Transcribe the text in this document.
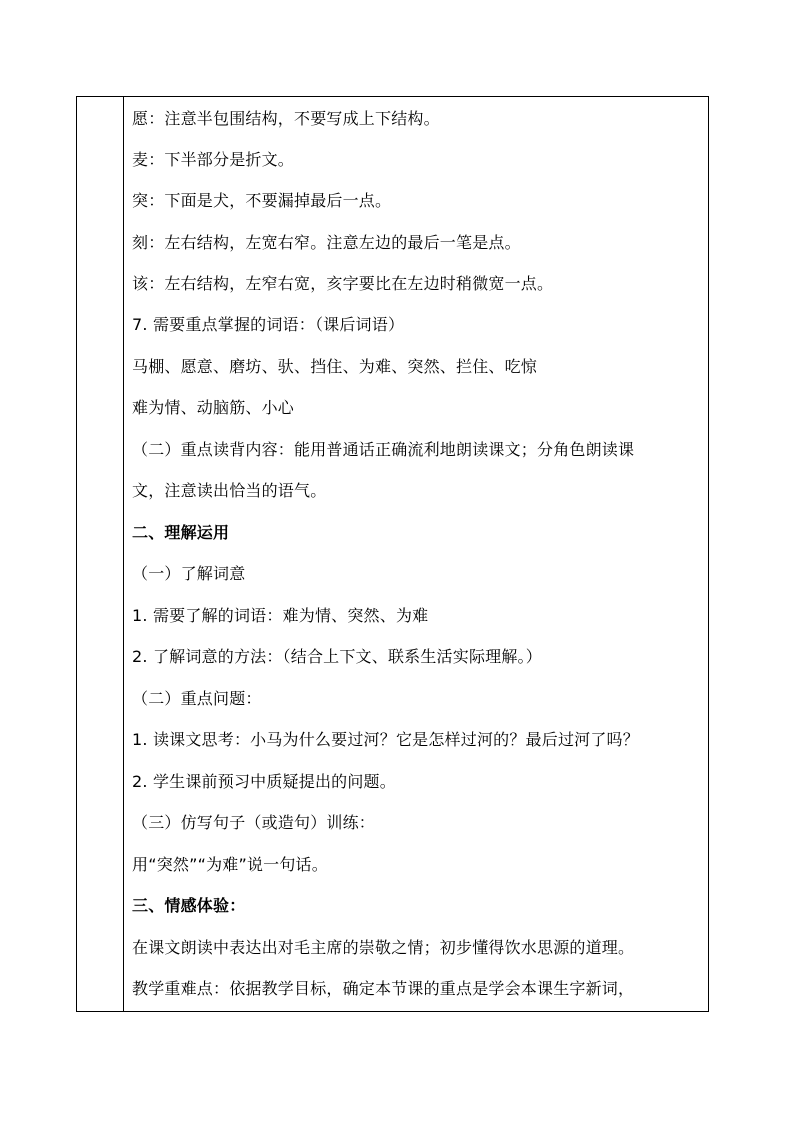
愿：注意半包围结构，不要写成上下结构。
麦：下半部分是折文。
突：下面是犬，不要漏掉最后一点。
刻：左右结构，左宽右窄。注意左边的最后一笔是点。
该：左右结构，左窄右宽，亥字要比在左边时稍微宽一点。
7. 需要重点掌握的词语：（课后词语）
马棚、愿意、磨坊、驮、挡住、为难、突然、拦住、吃惊
难为情、动脑筋、小心
（二）重点读背内容：能用普通话正确流利地朗读课文；分角色朗读课
文，注意读出恰当的语气。
二、理解运用
（一）了解词意
1. 需要了解的词语：难为情、突然、为难
2. 了解词意的方法：（结合上下文、联系生活实际理解。）
（二）重点问题：
1. 读课文思考：小马为什么要过河？它是怎样过河的？最后过河了吗？
2. 学生课前预习中质疑提出的问题。
（三）仿写句子（或造句）训练：
用“突然”“为难”说一句话。
三、情感体验：
在课文朗读中表达出对毛主席的崇敬之情；初步懂得饮水思源的道理。
教学重难点：依据教学目标，确定本节课的重点是学会本课生字新词，
